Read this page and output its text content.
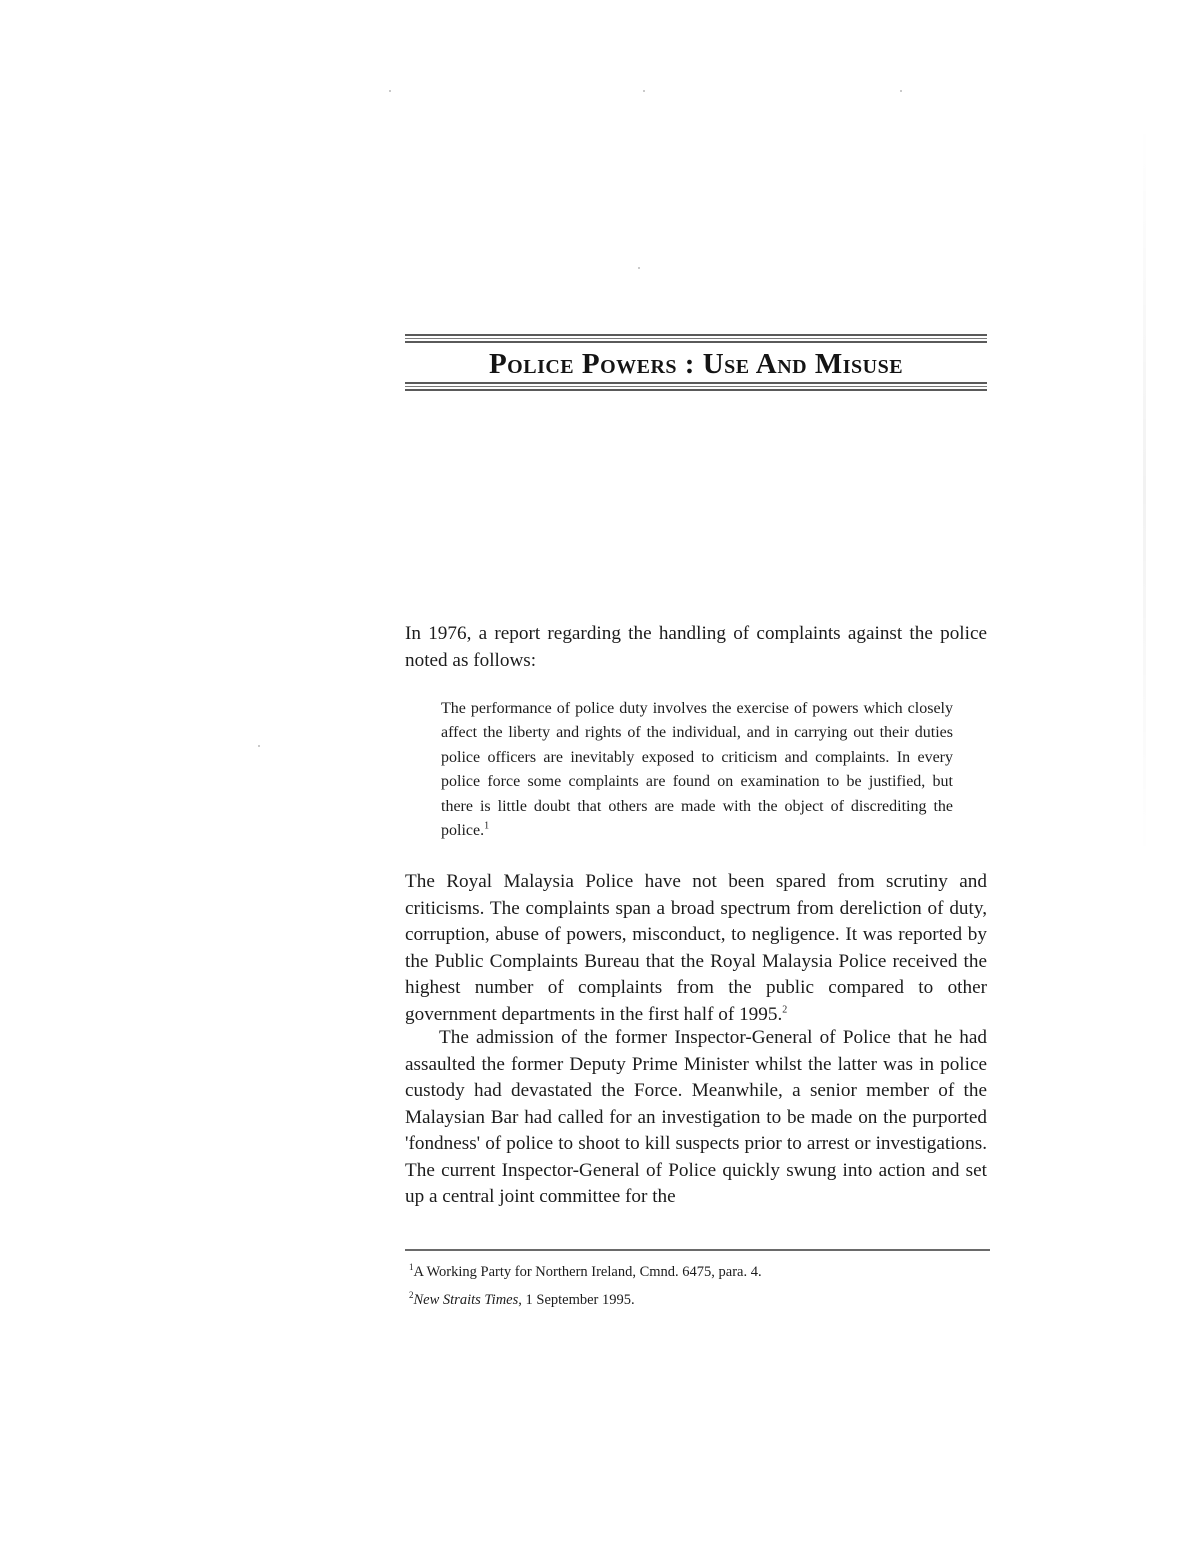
Police Powers : Use And Misuse

In 1976, a report regarding the handling of complaints against the police noted as follows:

The performance of police duty involves the exercise of powers which closely affect the liberty and rights of the individual, and in carrying out their duties police officers are inevitably exposed to criticism and complaints. In every police force some complaints are found on examination to be justified, but there is little doubt that others are made with the object of discrediting the police.$^1$

The Royal Malaysia Police have not been spared from scrutiny and criticisms. The complaints span a broad spectrum from dereliction of duty, corruption, abuse of powers, misconduct, to negligence. It was reported by the Public Complaints Bureau that the Royal Malaysia Police received the highest number of complaints from the public compared to other government departments in the first half of 1995.$^2$

The admission of the former Inspector-General of Police that he had assaulted the former Deputy Prime Minister whilst the latter was in police custody had devastated the Force. Meanwhile, a senior member of the Malaysian Bar had called for an investigation to be made on the purported 'fondness' of police to shoot to kill suspects prior to arrest or investigations. The current Inspector-General of Police quickly swung into action and set up a central joint committee for the

$^1$A Working Party for Northern Ireland, Cmnd. 6475, para. 4.

$^2$New Straits Times, 1 September 1995.
